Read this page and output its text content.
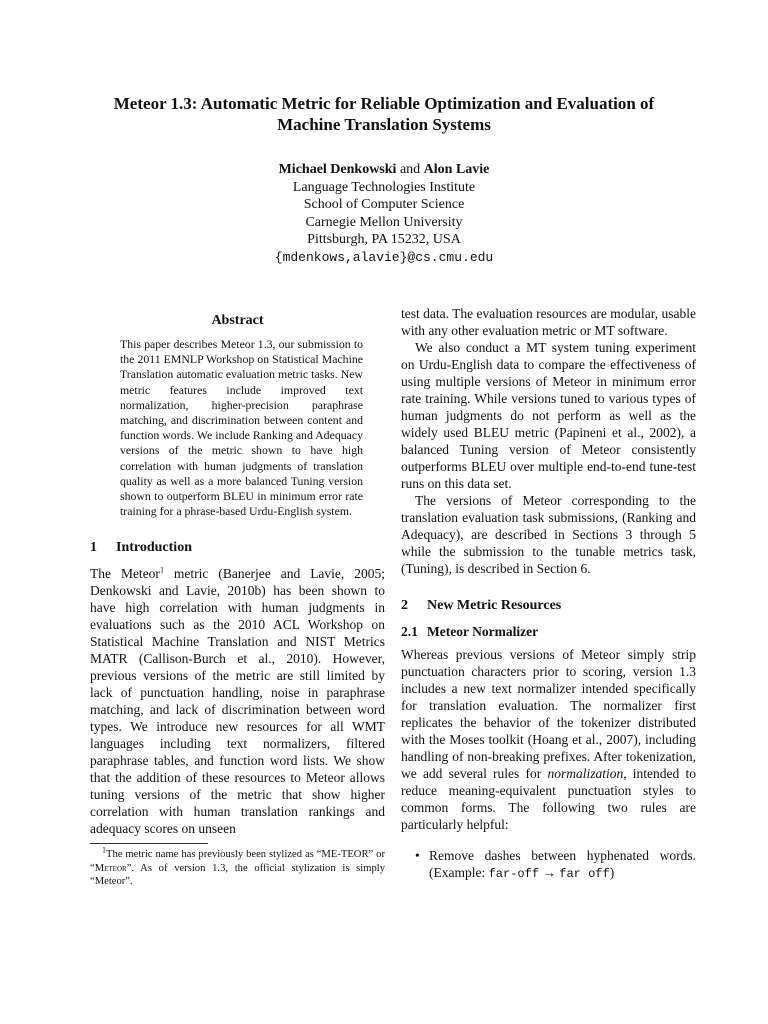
Meteor 1.3: Automatic Metric for Reliable Optimization and Evaluation of Machine Translation Systems
Michael Denkowski and Alon Lavie
Language Technologies Institute
School of Computer Science
Carnegie Mellon University
Pittsburgh, PA 15232, USA
{mdenkows,alavie}@cs.cmu.edu
Abstract

This paper describes Meteor 1.3, our submission to the 2011 EMNLP Workshop on Statistical Machine Translation automatic evaluation metric tasks. New metric features include improved text normalization, higher-precision paraphrase matching, and discrimination between content and function words. We include Ranking and Adequacy versions of the metric shown to have high correlation with human judgments of translation quality as well as a more balanced Tuning version shown to outperform BLEU in minimum error rate training for a phrase-based Urdu-English system.

1 Introduction

The Meteor$^1$ metric (Banerjee and Lavie, 2005; Denkowski and Lavie, 2010b) has been shown to have high correlation with human judgments in evaluations such as the 2010 ACL Workshop on Statistical Machine Translation and NIST Metrics MATR (Callison-Burch et al., 2010). However, previous versions of the metric are still limited by lack of punctuation handling, noise in paraphrase matching, and lack of discrimination between word types. We introduce new resources for all WMT languages including text normalizers, filtered paraphrase tables, and function word lists. We show that the addition of these resources to Meteor allows tuning versions of the metric that show higher correlation with human translation rankings and adequacy scores on unseen

$^1$The metric name has previously been stylized as “ME-TEOR” or “Meteor”. As of version 1.3, the official stylization is simply “Meteor”.

test data. The evaluation resources are modular, usable with any other evaluation metric or MT software.

We also conduct a MT system tuning experiment on Urdu-English data to compare the effectiveness of using multiple versions of Meteor in minimum error rate training. While versions tuned to various types of human judgments do not perform as well as the widely used BLEU metric (Papineni et al., 2002), a balanced Tuning version of Meteor consistently outperforms BLEU over multiple end-to-end tune-test runs on this data set.

The versions of Meteor corresponding to the translation evaluation task submissions, (Ranking and Adequacy), are described in Sections 3 through 5 while the submission to the tunable metrics task, (Tuning), is described in Section 6.

2 New Metric Resources
2.1 Meteor Normalizer

Whereas previous versions of Meteor simply strip punctuation characters prior to scoring, version 1.3 includes a new text normalizer intended specifically for translation evaluation. The normalizer first replicates the behavior of the tokenizer distributed with the Moses toolkit (Hoang et al., 2007), including handling of non-breaking prefixes. After tokenization, we add several rules for normalization, intended to reduce meaning-equivalent punctuation styles to common forms. The following two rules are particularly helpful:

• Remove dashes between hyphenated words. (Example: far-off → far off)
